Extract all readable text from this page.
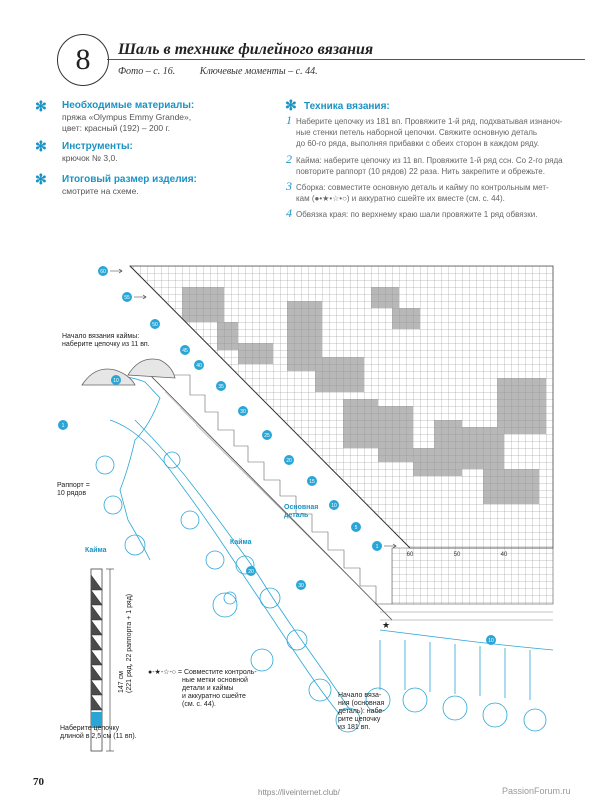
8	Шаль в технике филейного вязания
Фото – с. 16. Ключевые моменты – с. 44.
✻ Необходимые материалы:
пряжа «Olympus Emmy Grande»,
цвет: красный (192) – 200 г.
✻ Инструменты:
крючок № 3,0.
✻ Итоговый размер изделия:
смотрите на схеме.
✻ Техника вязания:
1 Наберите цепочку из 181 вп. Провяжите 1-й ряд, подхватывая изнаноч-
ные стенки петель наборной цепочки. Свяжите основную деталь
до 60-го ряда, выполняя прибавки с обеих сторон в каждом ряду.
2 Кайма: наберите цепочку из 11 вп. Провяжите 1-й ряд ссн. Со 2-го ряда
повторите раппорт (10 рядов) 22 раза. Нить закрепите и обрежьте.
3 Сборка: совместите основную деталь и кайму по контрольным мет-
кам (●•★•☆•○) и аккуратно сшейте их вместе (см. с. 44).
4 Обвязка края: по верхнему краю шали провяжите 1 ряд обвязки.
60
55
50
45
40
35
30
25
20
15
10
5
1
10
1
20
30
10
60	50	40
★
Начало вязания каймы:
наберите цепочку из 11 вп.
Раппорт =
10 рядов
Кайма
Кайма
Основная
деталь
147 см (221 ряд, 22 раппорта + 1 ряд) ●-★-☆-○ = Совместите контроль-
ные метки основной
детали и каймы
и аккуратно сшейте
(см. с. 44).
Наберите цепочку
длиной в 2,5 см (11 вп).
Начало вяза-
ния (основная
деталь): набе-
рите цепочку
из 181 вп.
70
https://liveinternet.club/	PassionForum.ru
